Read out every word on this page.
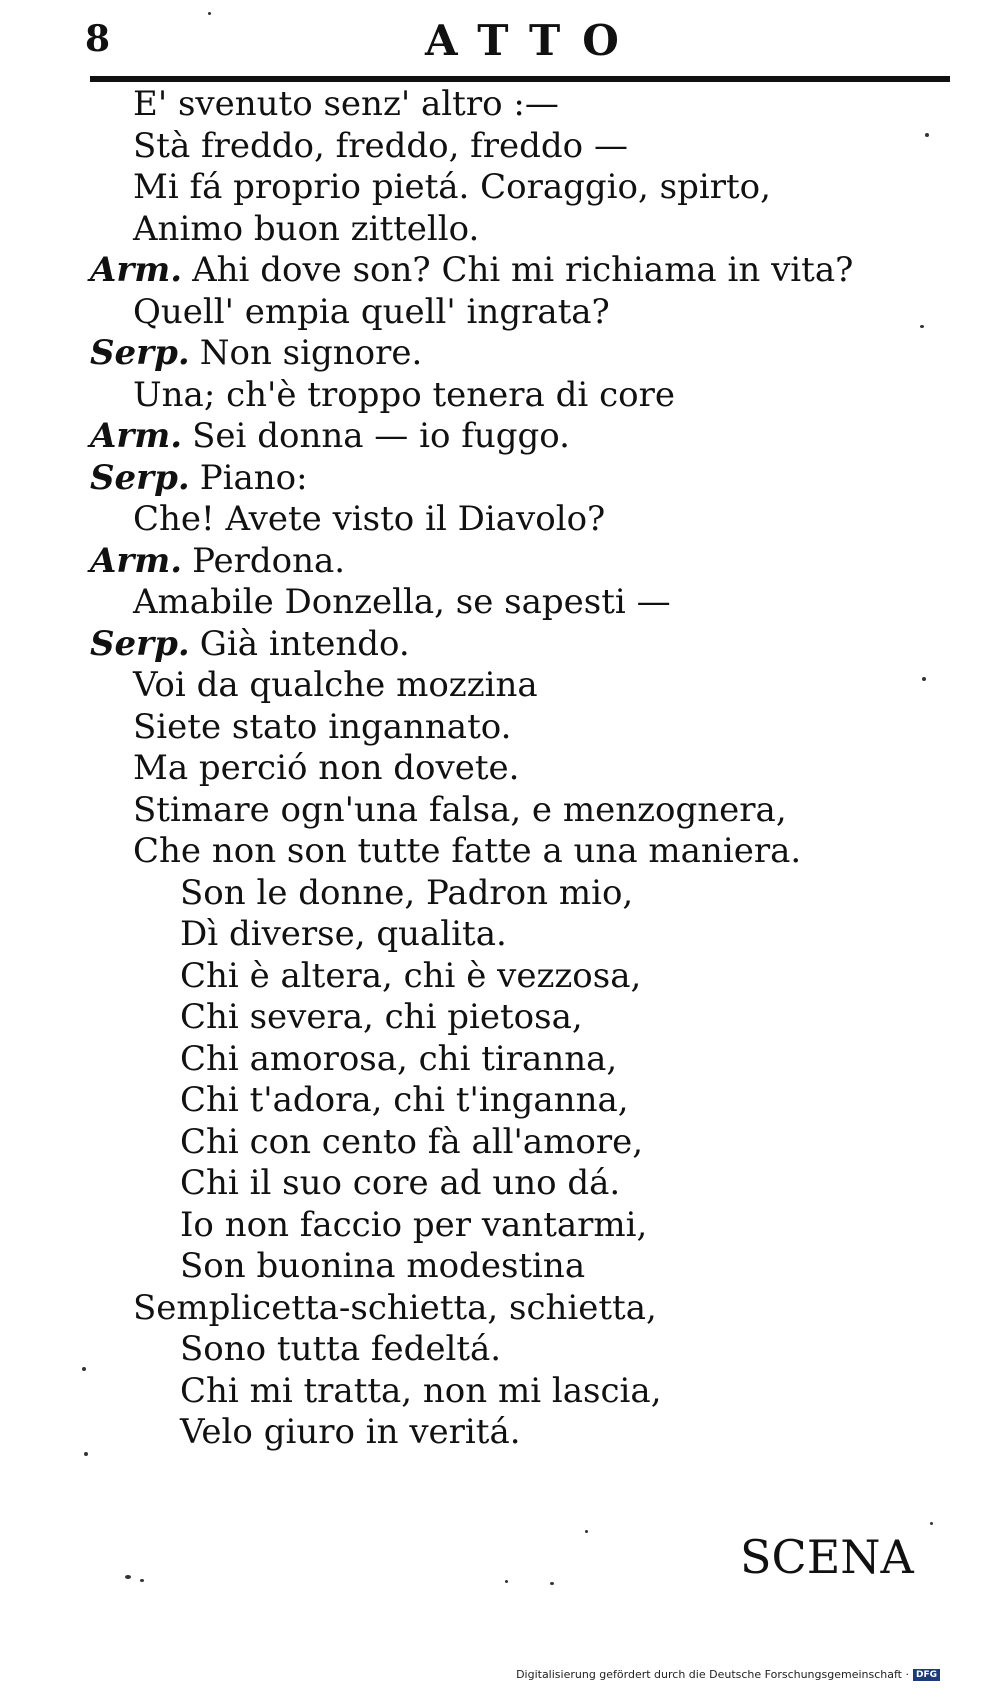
8	ATTO
E' svenuto senz' altro :—
Stà freddo, freddo, freddo —
Mi fá proprio pietá. Coraggio, spirto,
Animo buon zittello.
Arm. Ahi dove son? Chi mi richiama in vita?
Quell' empia quell' ingrata?
Serp. Non signore.
Una; ch'è troppo tenera di core
Arm. Sei donna — io fuggo.
Serp. Piano:
Che! Avete visto il Diavolo?
Arm. Perdona.
Amabile Donzella, se sapesti —
Serp. Già intendo.
Voi da qualche mozzina
Siete stato ingannato.
Ma perció non dovete.
Stimare ogn'una falsa, e menzognera,
Che non son tutte fatte a una maniera.
Son le donne, Padron mio,
Dì diverse, qualita.
Chi è altera, chi è vezzosa,
Chi severa, chi pietosa,
Chi amorosa, chi tiranna,
Chi t'adora, chi t'inganna,
Chi con cento fà all'amore,
Chi il suo core ad uno dá.
Io non faccio per vantarmi,
Son buonina modestina
Semplicetta-schietta, schietta,
Sono tutta fedeltá.
Chi mi tratta, non mi lascia,
Velo giuro in veritá.
SCENA
Digitalisierung gefördert durch die Deutsche Forschungsgemeinschaft · DFG
